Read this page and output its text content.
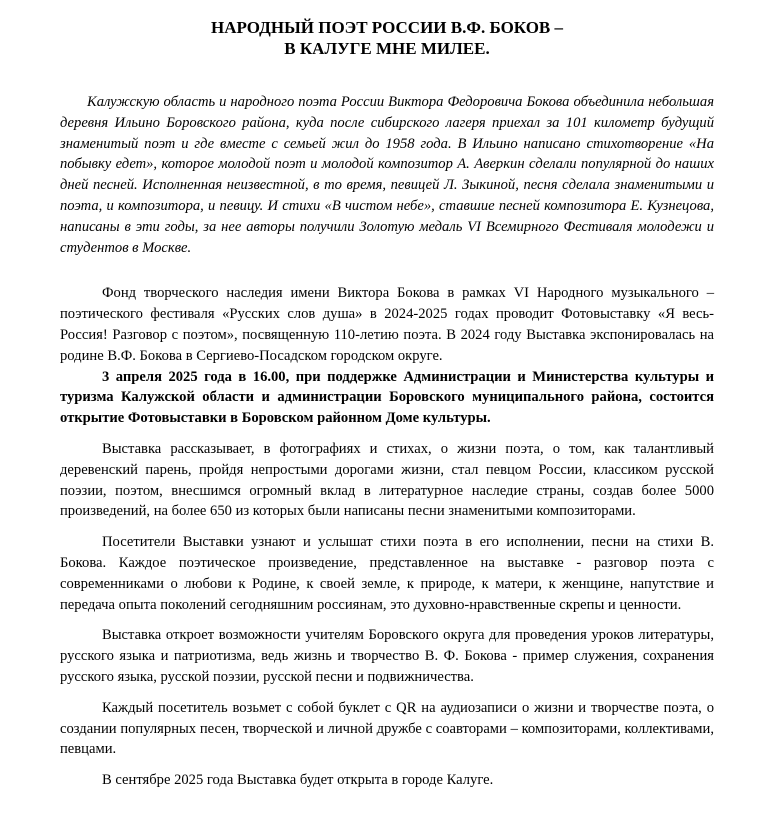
НАРОДНЫЙ ПОЭТ РОССИИ В.Ф. БОКОВ –
В КАЛУГЕ МНЕ МИЛЕЕ.

Калужскую область и народного поэта России Виктора Федоровича Бокова объединила небольшая деревня Ильино Боровского района, куда после сибирского лагеря приехал за 101 километр будущий знаменитый поэт и где вместе с семьей жил до 1958 года. В Ильино написано стихотворение «На побывку едет», которое молодой поэт и молодой композитор А. Аверкин сделали популярной до наших дней песней. Исполненная неизвестной, в то время, певицей Л. Зыкиной, песня сделала знаменитыми и поэта, и композитора, и певицу. И стихи «В чистом небе», ставшие песней композитора Е. Кузнецова, написаны в эти годы, за нее авторы получили Золотую медаль VI Всемирного Фестиваля молодежи и студентов в Москве.

Фонд творческого наследия имени Виктора Бокова в рамках VI Народного музыкального – поэтического фестиваля «Русских слов душа» в 2024-2025 годах проводит Фотовыставку «Я весь-Россия! Разговор с поэтом», посвященную 110-летию поэта. В 2024 году Выставка экспонировалась на родине В.Ф. Бокова в Сергиево-Посадском городском округе.

3 апреля 2025 года в 16.00, при поддержке Администрации и Министерства культуры и туризма Калужской области и администрации Боровского муниципального района, состоится открытие Фотовыставки в Боровском районном Доме культуры.

Выставка рассказывает, в фотографиях и стихах, о жизни поэта, о том, как талантливый деревенский парень, пройдя непростыми дорогами жизни, стал певцом России, классиком русской поэзии, поэтом, внесшимся огромный вклад в литературное наследие страны, создав более 5000 произведений, на более 650 из которых были написаны песни знаменитыми композиторами.

Посетители Выставки узнают и услышат стихи поэта в его исполнении, песни на стихи В. Бокова. Каждое поэтическое произведение, представленное на выставке - разговор поэта с современниками о любови к Родине, к своей земле, к природе, к матери, к женщине, напутствие и передача опыта поколений сегодняшним россиянам, это духовно-нравственные скрепы и ценности.

Выставка откроет возможности учителям Боровского округа для проведения уроков литературы, русского языка и патриотизма, ведь жизнь и творчество В. Ф. Бокова - пример служения, сохранения русского языка, русской поэзии, русской песни и подвижничества.

Каждый посетитель возьмет с собой буклет с QR на аудиозаписи о жизни и творчестве поэта, о создании популярных песен, творческой и личной дружбе с соавторами – композиторами, коллективами, певцами.

В сентябре 2025 года Выставка будет открыта в городе Калуге.
